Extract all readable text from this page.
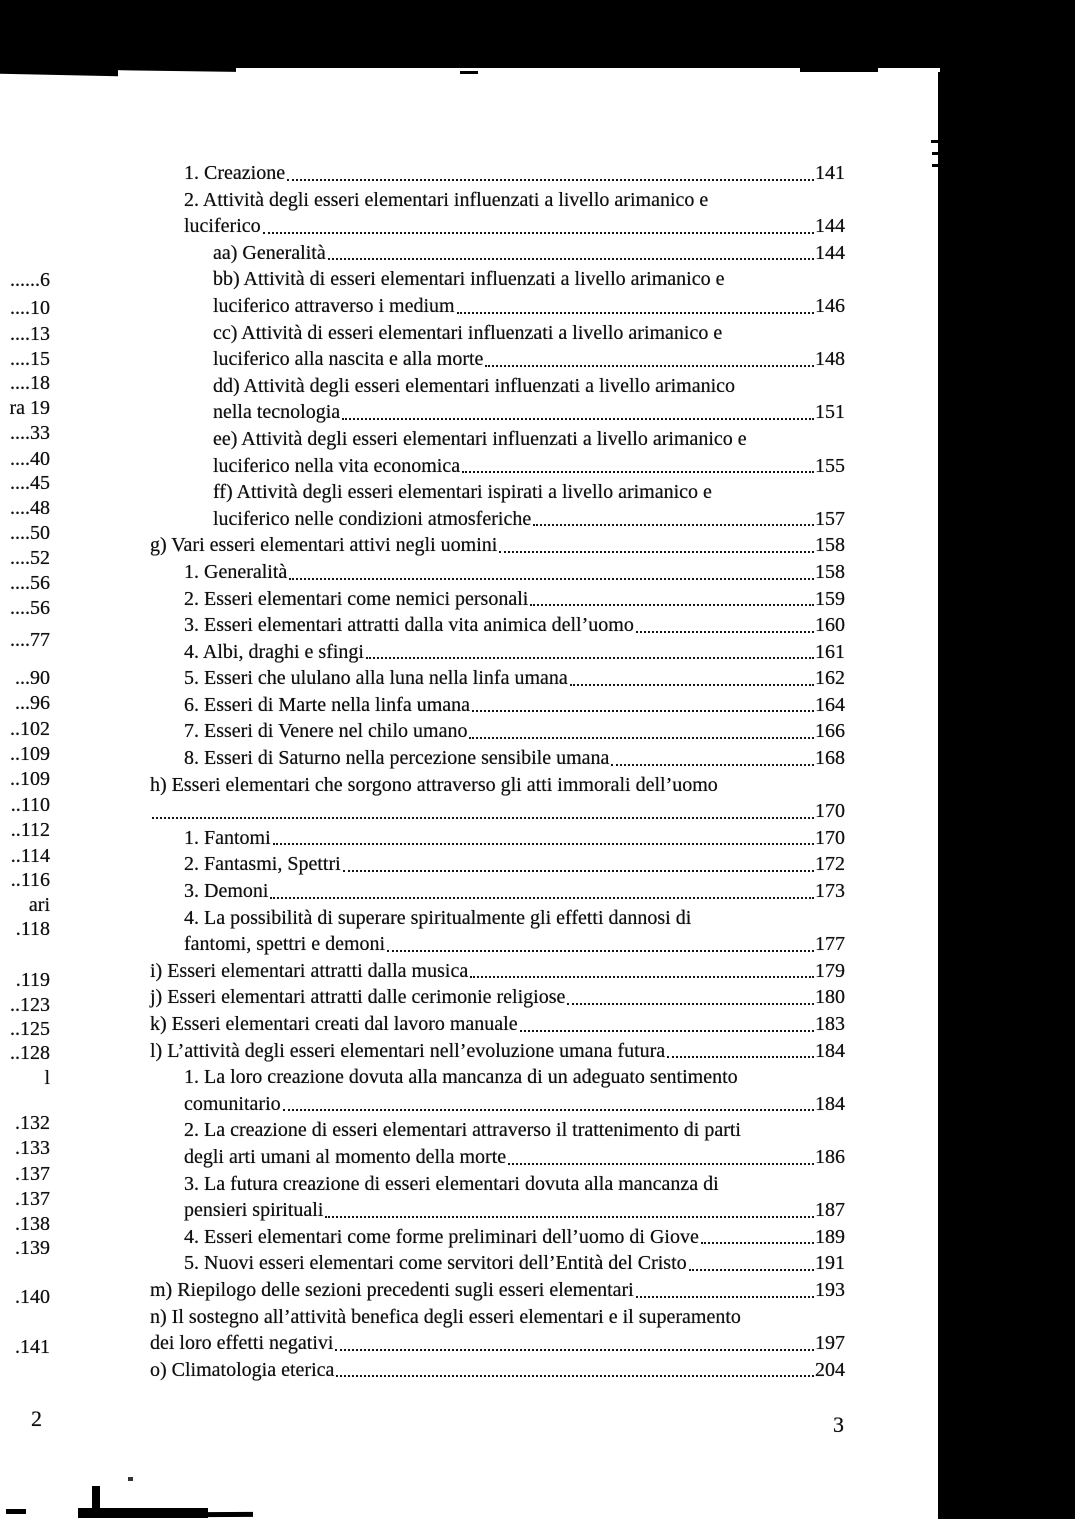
......6
....10
....13
....15
....18
ra 19
....33
....40
....45
....48
....50
....52
....56
....56
....77
...90
...96
..102
..109
..109
..110
..112
..114
..116
ari
.118
.119
..123
..125
..128
l
.132
.133
.137
.137
.138
.139
.140
.141
1. Creazione	141
2. Attività degli esseri elementari influenzati a livello arimanico e
luciferico	144
aa) Generalità	144
bb) Attività di esseri elementari influenzati a livello arimanico e
luciferico attraverso i medium	146
cc) Attività di esseri elementari influenzati a livello arimanico e
luciferico alla nascita e alla morte	148
dd) Attività degli esseri elementari influenzati a livello arimanico
nella tecnologia	151
ee) Attività degli esseri elementari influenzati a livello arimanico e
luciferico nella vita economica	155
ff) Attività degli esseri elementari ispirati a livello arimanico e
luciferico nelle condizioni atmosferiche	157
g) Vari esseri elementari attivi negli uomini	158
1. Generalità	158
2. Esseri elementari come nemici personali	159
3. Esseri elementari attratti dalla vita animica dell’uomo	160
4. Albi, draghi e sfingi	161
5. Esseri che ululano alla luna nella linfa umana	162
6. Esseri di Marte nella linfa umana	164
7. Esseri di Venere nel chilo umano	166
8. Esseri di Saturno nella percezione sensibile umana	168
h) Esseri elementari che sorgono attraverso gli atti immorali dell’uomo
170
1. Fantomi	170
2. Fantasmi, Spettri	172
3. Demoni	173
4. La possibilità di superare spiritualmente gli effetti dannosi di
fantomi, spettri e demoni	177
i) Esseri elementari attratti dalla musica	179
j) Esseri elementari attratti dalle cerimonie religiose	180
k) Esseri elementari creati dal lavoro manuale	183
l) L’attività degli esseri elementari nell’evoluzione umana futura	184
1. La loro creazione dovuta alla mancanza di un adeguato sentimento
comunitario	184
2. La creazione di esseri elementari attraverso il trattenimento di parti
degli arti umani al momento della morte	186
3. La futura creazione di esseri elementari dovuta alla mancanza di
pensieri spirituali	187
4. Esseri elementari come forme preliminari dell’uomo di Giove	189
5. Nuovi esseri elementari come servitori dell’Entità del Cristo	191
m) Riepilogo delle sezioni precedenti sugli esseri elementari	193
n) Il sostegno all’attività benefica degli esseri elementari e il superamento
dei loro effetti negativi	197
o) Climatologia eterica	204
2	3
